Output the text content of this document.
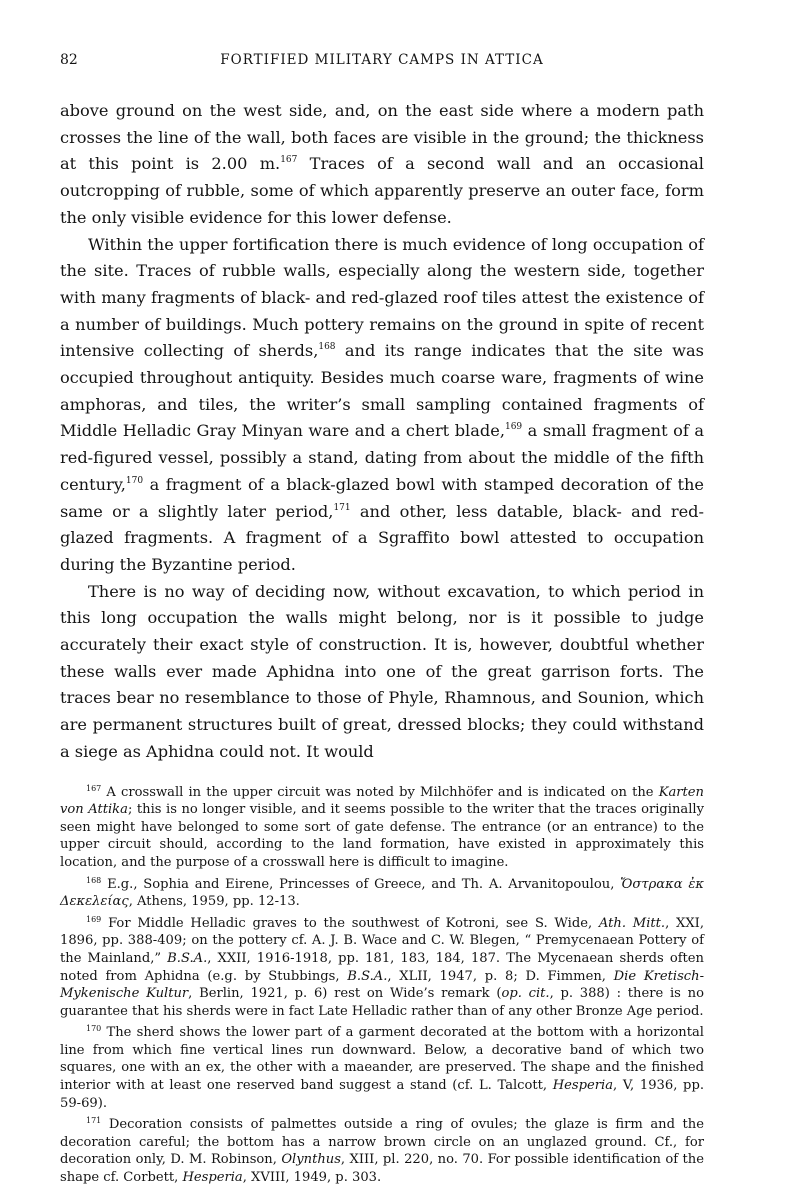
82	FORTIFIED MILITARY CAMPS IN ATTICA

above ground on the west side, and, on the east side where a modern path crosses the line of the wall, both faces are visible in the ground; the thickness at this point is 2.00 m.$^{167}$ Traces of a second wall and an occasional outcropping of rubble, some of which apparently preserve an outer face, form the only visible evidence for this lower defense.

Within the upper fortification there is much evidence of long occupation of the site. Traces of rubble walls, especially along the western side, together with many fragments of black- and red-glazed roof tiles attest the existence of a number of buildings. Much pottery remains on the ground in spite of recent intensive collecting of sherds,$^{168}$ and its range indicates that the site was occupied throughout antiquity. Besides much coarse ware, fragments of wine amphoras, and tiles, the writer’s small sampling contained fragments of Middle Helladic Gray Minyan ware and a chert blade,$^{169}$ a small fragment of a red-figured vessel, possibly a stand, dating from about the middle of the fifth century,$^{170}$ a fragment of a black-glazed bowl with stamped decoration of the same or a slightly later period,$^{171}$ and other, less datable, black- and red-glazed fragments. A fragment of a Sgraffito bowl attested to occupation during the Byzantine period.

There is no way of deciding now, without excavation, to which period in this long occupation the walls might belong, nor is it possible to judge accurately their exact style of construction. It is, however, doubtful whether these walls ever made Aphidna into one of the great garrison forts. The traces bear no resemblance to those of Phyle, Rhamnous, and Sounion, which are permanent structures built of great, dressed blocks; they could withstand a siege as Aphidna could not. It would

$^{167}$ A crosswall in the upper circuit was noted by Milchhöfer and is indicated on the Karten von Attika; this is no longer visible, and it seems possible to the writer that the traces originally seen might have belonged to some sort of gate defense. The entrance (or an entrance) to the upper circuit should, according to the land formation, have existed in approximately this location, and the purpose of a crosswall here is difficult to imagine.

$^{168}$ E.g., Sophia and Eirene, Princesses of Greece, and Th. A. Arvanitopoulou, Ὄστρακα ἐκ Δεκελείας, Athens, 1959, pp. 12-13.

$^{169}$ For Middle Helladic graves to the southwest of Kotroni, see S. Wide, Ath. Mitt., XXI, 1896, pp. 388-409; on the pottery cf. A. J. B. Wace and C. W. Blegen, “ Premycenaean Pottery of the Mainland,” B.S.A., XXII, 1916-1918, pp. 181, 183, 184, 187. The Mycenaean sherds often noted from Aphidna (e.g. by Stubbings, B.S.A., XLII, 1947, p. 8; D. Fimmen, Die Kretisch-Mykenische Kultur, Berlin, 1921, p. 6) rest on Wide’s remark (op. cit., p. 388) : there is no guarantee that his sherds were in fact Late Helladic rather than of any other Bronze Age period.

$^{170}$ The sherd shows the lower part of a garment decorated at the bottom with a horizontal line from which fine vertical lines run downward. Below, a decorative band of which two squares, one with an ex, the other with a maeander, are preserved. The shape and the finished interior with at least one reserved band suggest a stand (cf. L. Talcott, Hesperia, V, 1936, pp. 59-69).

$^{171}$ Decoration consists of palmettes outside a ring of ovules; the glaze is firm and the decoration careful; the bottom has a narrow brown circle on an unglazed ground. Cf., for decoration only, D. M. Robinson, Olynthus, XIII, pl. 220, no. 70. For possible identification of the shape cf. Corbett, Hesperia, XVIII, 1949, p. 303.
